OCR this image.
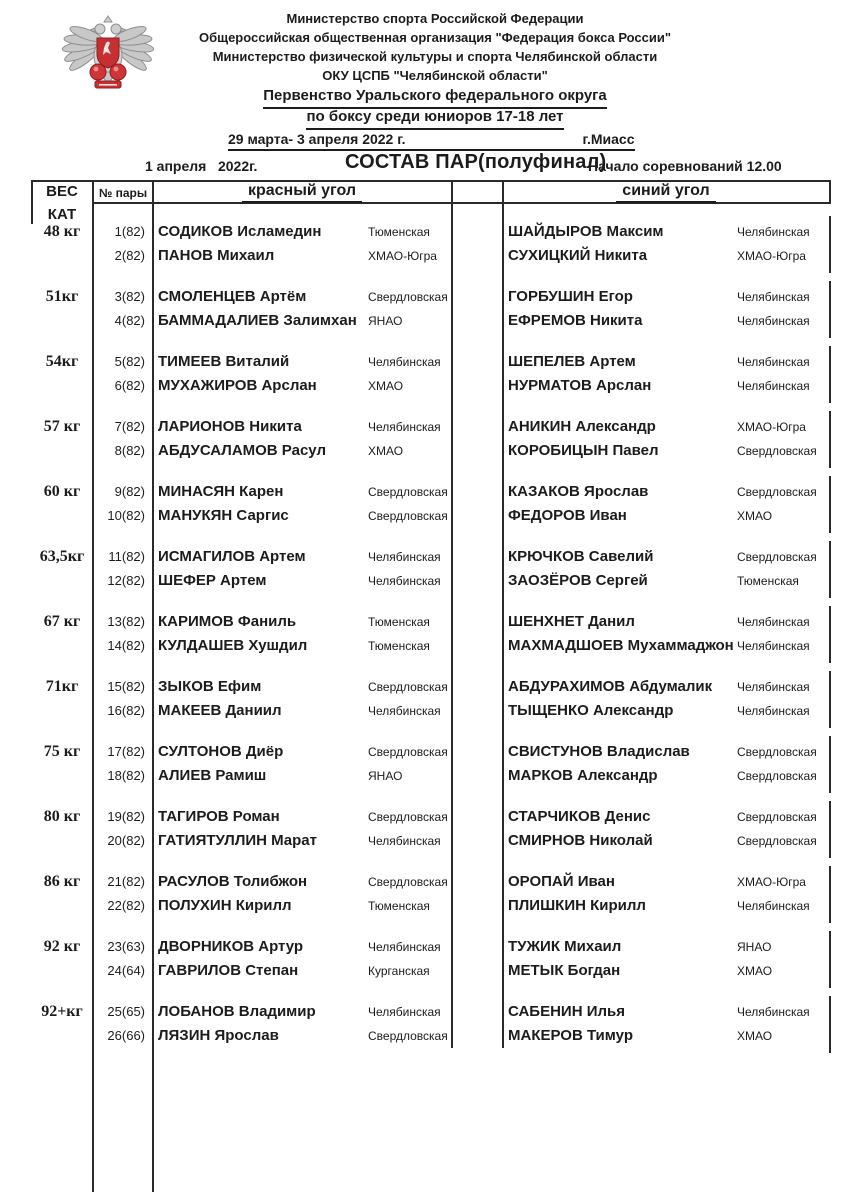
Министерство спорта Российской Федерации
Общероссийская общественная организация "Федерация бокса России"
Министерство физической культуры и спорта Челябинской области
ОКУ ЦСПБ "Челябинской области"
Первенство Уральского федерального округа
по боксу среди юниоров 17-18 лет
29 марта- 3 апреля 2022 г.	г.Миасс
1 апреля   2022г.	СОСТАВ ПАР(полуфинал)
Начало соревнований 12.00
ВЕС
КАТ
№ пары	красный угол	синий угол
48 кг	1(82) СОДИКОВ Исламедин	Тюменская	ШАЙДЫРОВ Максим	Челябинская
2(82) ПАНОВ Михаил	ХМАО-Югра	СУХИЦКИЙ Никита	ХМАО-Югра
51кг	3(82) СМОЛЕНЦЕВ Артём	Свердловская	ГОРБУШИН Егор	Челябинская
4(82) БАММАДАЛИЕВ Залимхан ЯНАО	ЕФРЕМОВ Никита	Челябинская
54кг	5(82) ТИМЕЕВ Виталий	Челябинская	ШЕПЕЛЕВ Артем	Челябинская
6(82) МУХАЖИРОВ Арслан	ХМАО	НУРМАТОВ Арслан	Челябинская
57 кг	7(82) ЛАРИОНОВ Никита	Челябинская	АНИКИН Александр	ХМАО-Югра
8(82) АБДУСАЛАМОВ Расул	ХМАО	КОРОБИЦЫН Павел	Свердловская
60 кг	9(82) МИНАСЯН Карен	Свердловская	КАЗАКОВ Ярослав	Свердловская
10(82) МАНУКЯН Саргис	Свердловская	ФЕДОРОВ Иван	ХМАО
63,5кг	11(82) ИСМАГИЛОВ Артем	Челябинская	КРЮЧКОВ Савелий	Свердловская
12(82) ШЕФЕР Артем	Челябинская	ЗАОЗЁРОВ Сергей	Тюменская
67 кг	13(82) КАРИМОВ Фаниль	Тюменская	ШЕНХНЕТ Данил	Челябинская
14(82) КУЛДАШЕВ Хушдил	Тюменская	МАХМАДШОЕВ Мухаммаджон Челябинская
71кг	15(82) ЗЫКОВ Ефим	Свердловская	АБДУРАХИМОВ Абдумалик	Челябинская
16(82) МАКЕЕВ Даниил	Челябинская	ТЫЩЕНКО Александр	Челябинская
75 кг	17(82) СУЛТОНОВ Диёр	Свердловская	СВИСТУНОВ Владислав	Свердловская
18(82) АЛИЕВ Рамиш	ЯНАО	МАРКОВ Александр	Свердловская
80 кг	19(82) ТАГИРОВ Роман	Свердловская	СТАРЧИКОВ Денис	Свердловская
20(82) ГАТИЯТУЛЛИН Марат	Челябинская	СМИРНОВ Николай	Свердловская
86 кг	21(82) РАСУЛОВ Толибжон	Свердловская	ОРОПАЙ Иван	ХМАО-Югра
22(82) ПОЛУХИН Кирилл	Тюменская	ПЛИШКИН Кирилл	Челябинская
92 кг	23(63) ДВОРНИКОВ Артур	Челябинская	ТУЖИК Михаил	ЯНАО
24(64) ГАВРИЛОВ Степан	Курганская	МЕТЫК Богдан	ХМАО
92+кг	25(65) ЛОБАНОВ Владимир	Челябинская	САБЕНИН Илья	Челябинская
26(66) ЛЯЗИН Ярослав	Свердловская	МАКЕРОВ Тимур	ХМАО
